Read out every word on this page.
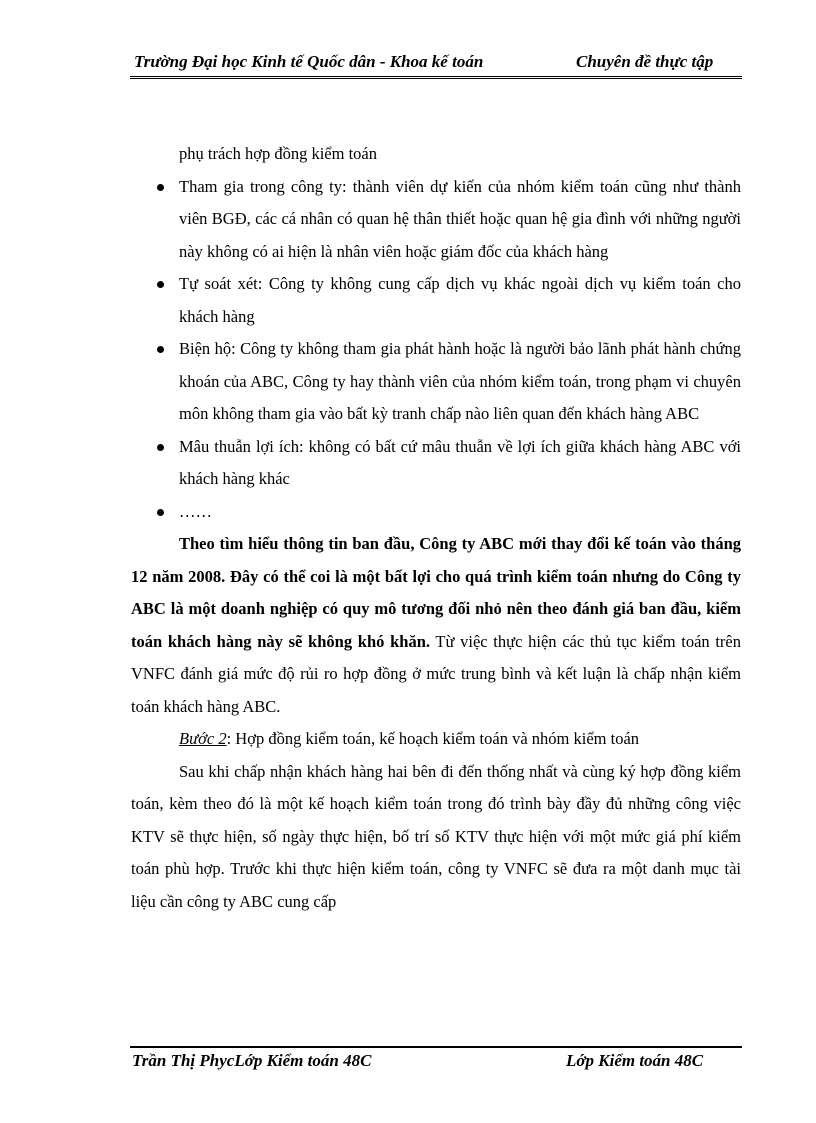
Trường Đại học Kinh tế Quốc dân - Khoa kế toán	Chuyên đề thực tập

phụ trách hợp đồng kiểm toán

Tham gia trong công ty: thành viên dự kiến của nhóm kiểm toán cũng như thành viên BGĐ, các cá nhân có quan hệ thân thiết hoặc quan hệ gia đình với những người này không có ai hiện là nhân viên hoặc giám đốc của khách hàng
Tự soát xét: Công ty không cung cấp dịch vụ khác ngoài dịch vụ kiểm toán cho khách hàng
Biện hộ: Công ty không tham gia phát hành hoặc là người bảo lãnh phát hành chứng khoán của ABC, Công ty hay thành viên của nhóm kiểm toán, trong phạm vi chuyên môn không tham gia vào bất kỳ tranh chấp nào liên quan đến khách hàng ABC
Mâu thuẫn lợi ích: không có bất cứ mâu thuẫn về lợi ích giữa khách hàng ABC với khách hàng khác
……

Theo tìm hiểu thông tin ban đầu, Công ty ABC mới thay đổi kế toán vào tháng 12 năm 2008. Đây có thể coi là một bất lợi cho quá trình kiểm toán nhưng do Công ty ABC là một doanh nghiệp có quy mô tương đối nhỏ nên theo đánh giá ban đầu, kiểm toán khách hàng này sẽ không khó khăn. Từ việc thực hiện các thủ tục kiểm toán trên VNFC đánh giá mức độ rủi ro hợp đồng ở mức trung bình và kết luận là chấp nhận kiểm toán khách hàng ABC.

Bước 2: Hợp đồng kiểm toán, kế hoạch kiểm toán và nhóm kiểm toán

Sau khi chấp nhận khách hàng hai bên đi đến thống nhất và cùng ký hợp đồng kiểm toán, kèm theo đó là một kế hoạch kiểm toán trong đó trình bày đầy đủ những công việc KTV sẽ thực hiện, số ngày thực hiện, bố trí số KTV thực hiện với một mức giá phí kiểm toán phù hợp. Trước khi thực hiện kiểm toán, công ty VNFC sẽ đưa ra một danh mục tài liệu cần công ty ABC cung cấp

Trần Thị PhycLớp Kiểm toán 48C	Lớp Kiểm toán 48C
